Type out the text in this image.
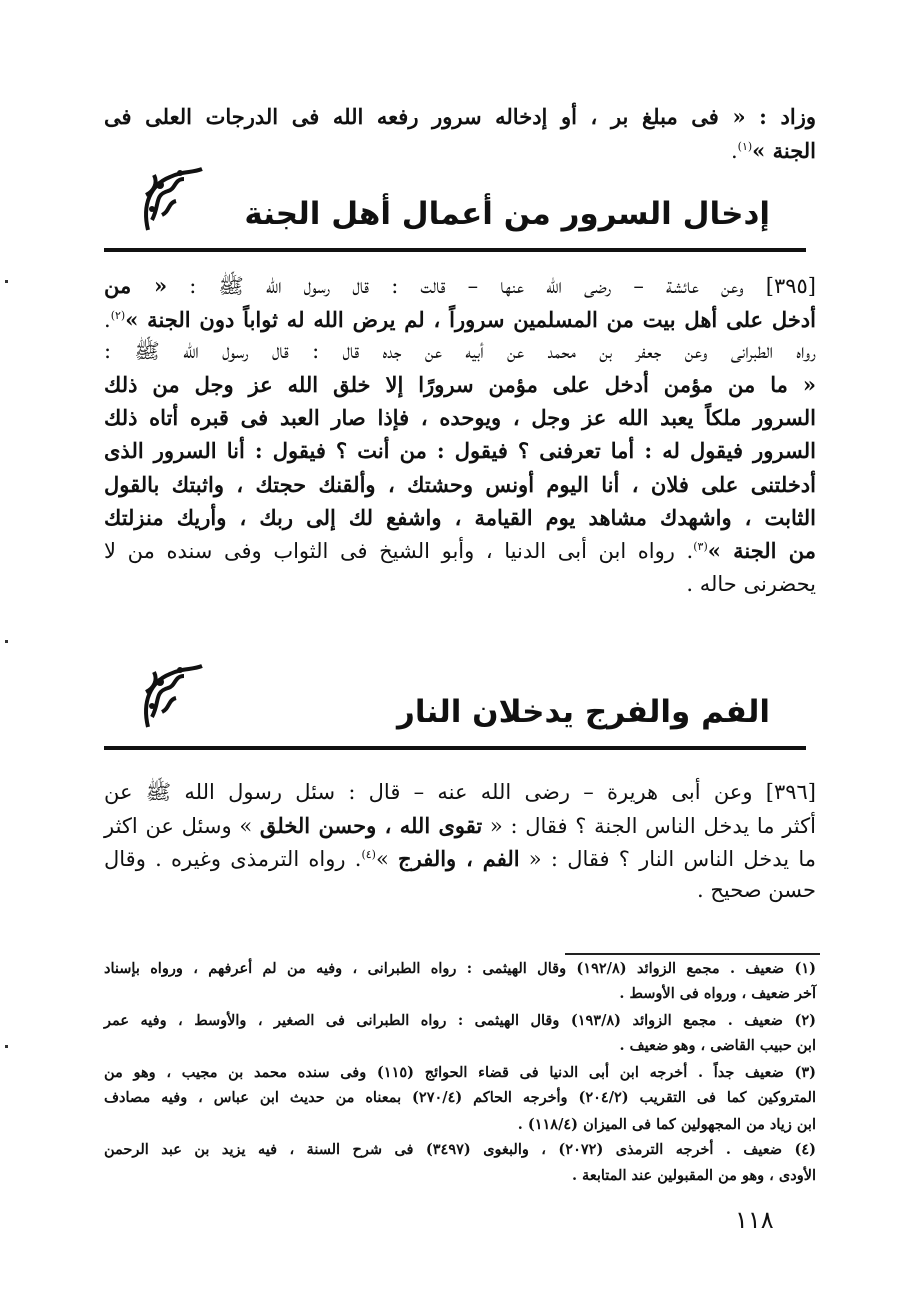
وزاد : « فى مبلغ بر ، أو إدخاله سرور رفعه الله فى الدرجات العلى فى
الجنة »$^{(١)}$.
إدخال السرور من أعمال أهل الجنة
[٣٩٥] وعن عائشة – رضى الله عنها – قالت : قال رسول الله ﷺ : « من
أدخل على أهل بيت من المسلمين سروراً ، لم يرض الله له ثواباً دون الجنة »$^{(٢)}$.
رواه الطبرانى وعن جعفر بن محمد عن أبيه عن جده قال : قال رسول الله ﷺ :
« ما من مؤمن أدخل على مؤمن سرورًا إلا خلق الله عز وجل من ذلك
السرور ملكاً يعبد الله عز وجل ، ويوحده ، فإذا صار العبد فى قبره أتاه ذلك
السرور فيقول له : أما تعرفنى ؟ فيقول : من أنت ؟ فيقول : أنا السرور الذى
أدخلتنى على فلان ، أنا اليوم أونس وحشتك ، وألقنك حجتك ، واثبتك بالقول
الثابت ، واشهدك مشاهد يوم القيامة ، واشفع لك إلى ربك ، وأريك منزلتك
من الجنة »$^{(٣)}$. رواه ابن أبى الدنيا ، وأبو الشيخ فى الثواب وفى سنده من لا
يحضرنى حاله .
الفم والفرج يدخلان النار
[٣٩٦] وعن أبى هريرة – رضى الله عنه – قال : سئل رسول الله ﷺ عن
أكثر ما يدخل الناس الجنة ؟ فقال : « تقوى الله ، وحسن الخلق » وسئل عن اكثر
ما يدخل الناس النار ؟ فقال : « الفم ، والفرج »$^{(٤)}$. رواه الترمذى وغيره . وقال
حسن صحيح .
(١) ضعيف . مجمع الزوائد (١٩٢/٨) وقال الهيثمى : رواه الطبرانى ، وفيه من لم أعرفهم ، ورواه بإسناد
آخر ضعيف ، ورواه فى الأوسط .
(٢) ضعيف . مجمع الزوائد (١٩٣/٨) وقال الهيثمى : رواه الطبرانى فى الصغير ، والأوسط ، وفيه عمر
ابن حبيب القاضى ، وهو ضعيف .
(٣) ضعيف جداً . أخرجه ابن أبى الدنيا فى قضاء الحوائج (١١٥) وفى سنده محمد بن مجيب ، وهو من
المتروكين كما فى التقريب (٢٠٤/٢) وأخرجه الحاكم (٢٧٠/٤) بمعناه من حديث ابن عباس ، وفيه مصادف
ابن زياد من المجهولين كما فى الميزان (١١٨/٤) .
(٤) ضعيف . أخرجه الترمذى (٢٠٧٢) ، والبغوى (٣٤٩٧) فى شرح السنة ، فيه يزيد بن عبد الرحمن
الأودى ، وهو من المقبولين عند المتابعة .
١١٨
